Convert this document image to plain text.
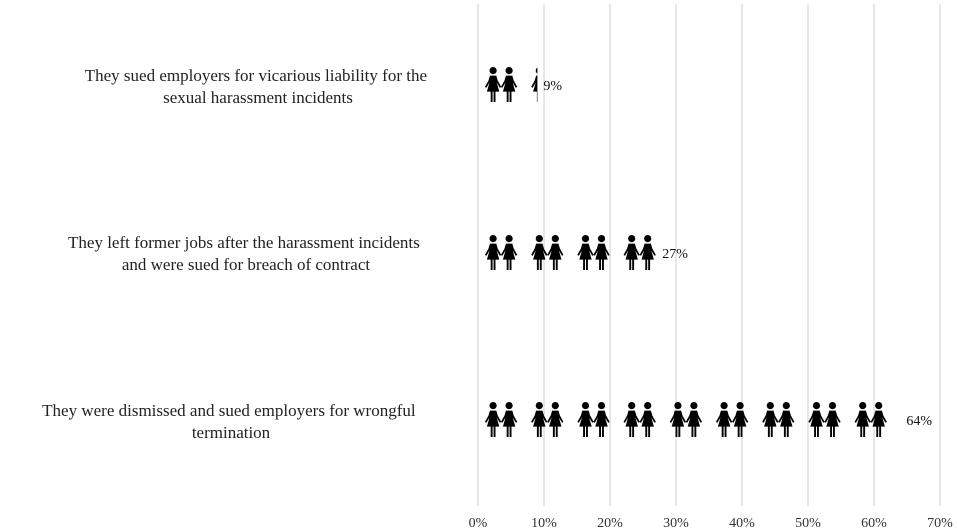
0%	10%	20%	30%	40%	50%	60%	70%
They sued employers for vicarious liability for the sexual harassment incidents
They left former jobs after the harassment incidents and were sued for breach of contract
They were dismissed and sued employers for wrongful termination
9%
27%
64%
